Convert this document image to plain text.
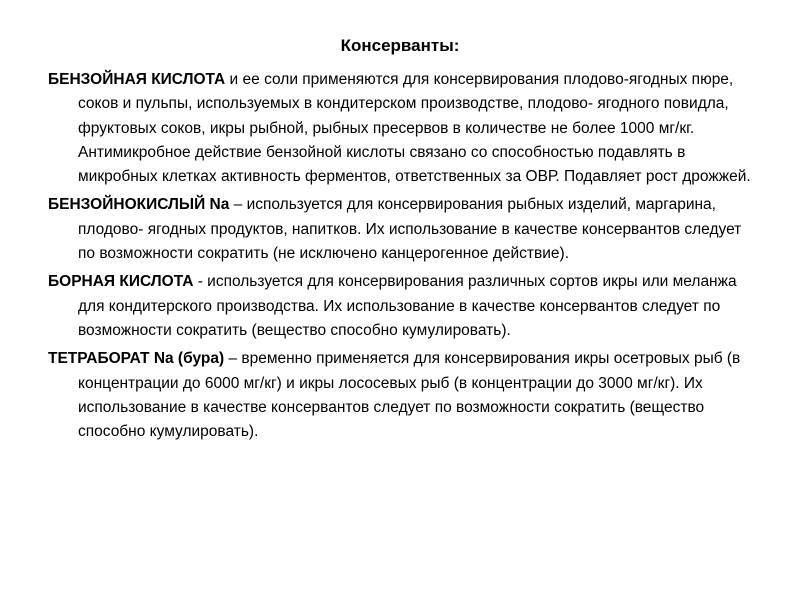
Консерванты:

БЕНЗОЙНАЯ КИСЛОТА и ее соли применяются для консервирования плодово-ягодных пюре, соков и пульпы, используемых в кондитерском производстве, плодово- ягодного повидла, фруктовых соков, икры рыбной, рыбных пресервов в количестве не более 1000 мг/кг. Антимикробное действие бензойной кислоты связано со способностью подавлять в микробных клетках активность ферментов, ответственных за ОВР. Подавляет рост дрожжей.

БЕНЗОЙНОКИСЛЫЙ Na – используется для консервирования рыбных изделий, маргарина, плодово- ягодных продуктов, напитков. Их использование в качестве консервантов следует по возможности сократить (не исключено канцерогенное действие).

БОРНАЯ КИСЛОТА - используется для консервирования различных сортов икры или меланжа для кондитерского производства. Их использование в качестве консервантов следует по возможности сократить (вещество способно кумулировать).

ТЕТРАБОРАТ Na (бура) – временно применяется для консервирования икры осетровых рыб (в концентрации до 6000 мг/кг) и икры лососевых рыб (в концентрации до 3000 мг/кг). Их использование в качестве консервантов следует по возможности сократить (вещество способно кумулировать).
